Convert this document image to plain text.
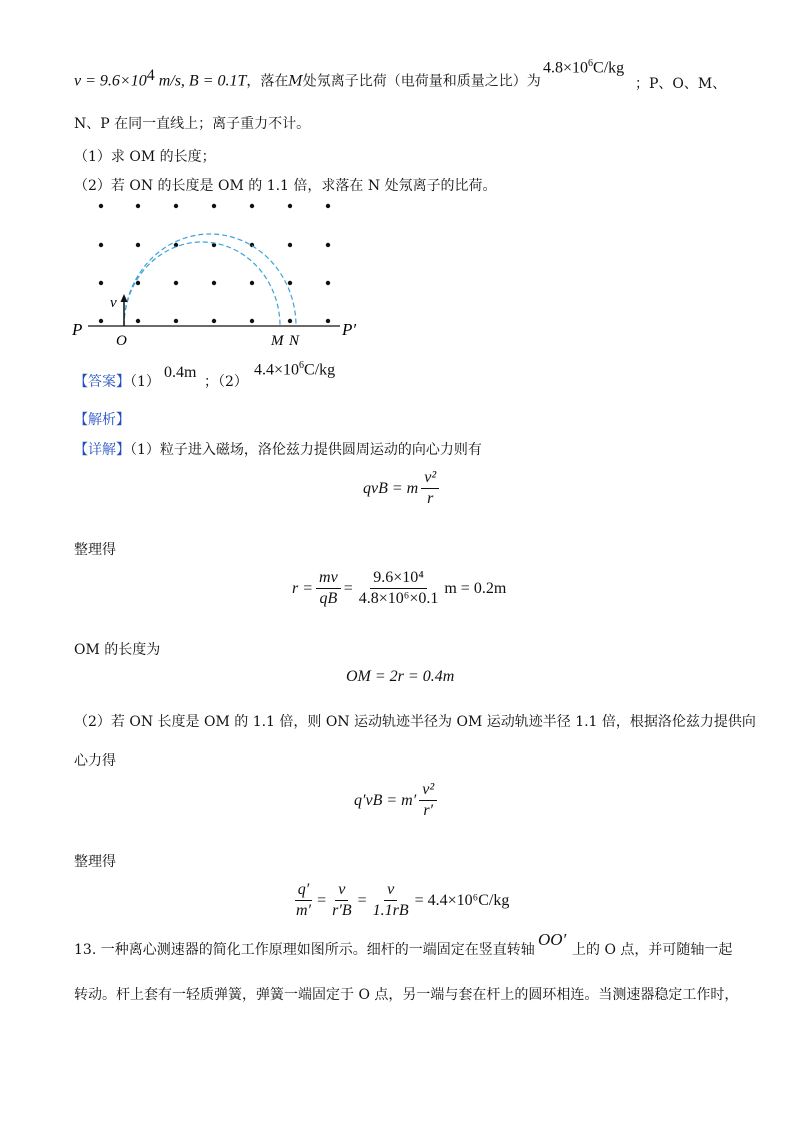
$v = 9.6\times 10^4$ m/s, B = 0.1T，落在M处氖离子比荷（电荷量和质量之比）为
$4.8\times 10^6C/kg$
；P、O、M、
N、P 在同一直线上；离子重力不计。
（1）求 OM 的长度；
（2）若 ON 的长度是 OM 的 1.1 倍，求落在 N 处氖离子的比荷。
v
P	P′
O	M N
【答案】（1）
0.4m
；（2）
$4.4\times 10^6C/kg$
【解析】
【详解】（1）粒子进入磁场，洛伦兹力提供圆周运动的向心力则有
qvB = m $\frac{\text{v²}}{r}$
整理得
$r = \frac{mv}{qB} = \frac{\text{9.6×10⁴}}{\text{4.8×10⁶×0.1}}$ m = 0.2m
OM 的长度为
OM = 2r = 0.4m
（2）若 ON 长度是 OM 的 1.1 倍，则 ON 运动轨迹半径为 OM 运动轨迹半径 1.1 倍，根据洛伦兹力提供向
心力得
$q'vB = m' \frac{\text{v²}}{r'}$
整理得
$\frac{q'}{m'} = \frac{v}{r'B} = \frac{v}{1.1rB} = 4.4\times 10^6C/kg$
13. 一种离心测速器的简化工作原理如图所示。细杆的一端固定在竖直转轴
OO′
上的 O 点，并可随轴一起
转动。杆上套有一轻质弹簧，弹簧一端固定于 O 点，另一端与套在杆上的圆环相连。当测速器稳定工作时，
